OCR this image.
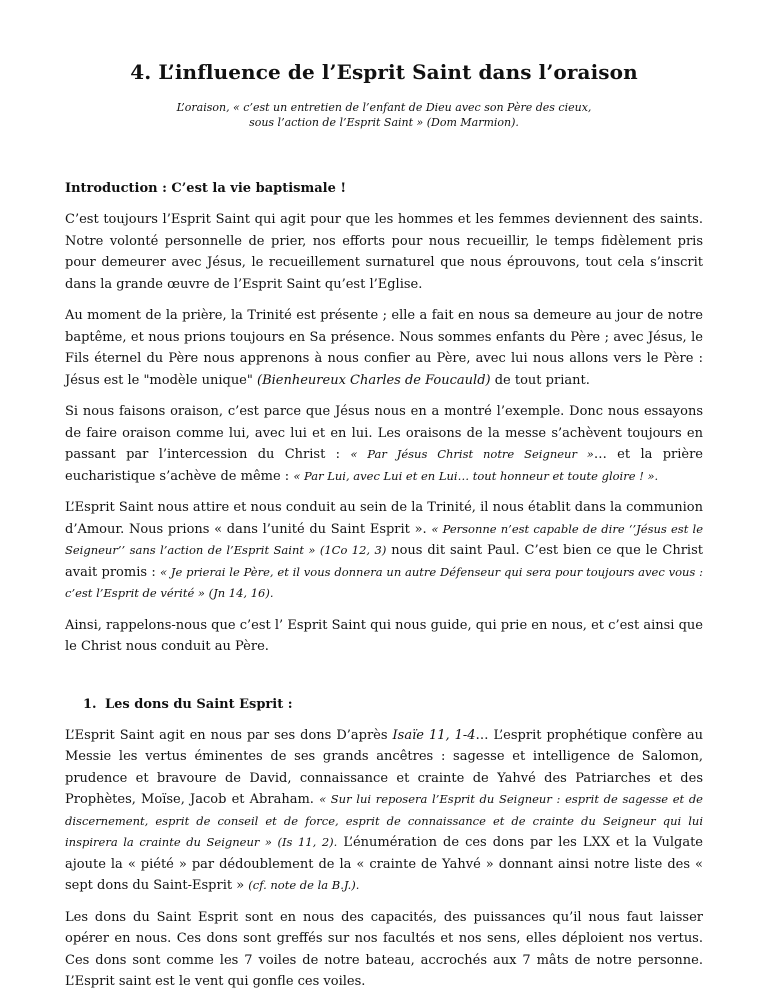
4. L’influence de l’Esprit Saint dans l’oraison
L’oraison, « c’est un entretien de l’enfant de Dieu avec son Père des cieux,
sous l’action de l’Esprit Saint » (Dom Marmion).
Introduction : C’est la vie baptismale !

C’est toujours l’Esprit Saint qui agit pour que les hommes et les femmes deviennent des saints. Notre volonté personnelle de prier, nos efforts pour nous recueillir, le temps fidèlement pris pour demeurer avec Jésus, le recueillement surnaturel que nous éprouvons, tout cela s’inscrit dans la grande œuvre de l’Esprit Saint qu’est l’Eglise.

Au moment de la prière, la Trinité est présente ; elle a fait en nous sa demeure au jour de notre baptême, et nous prions toujours en Sa présence. Nous sommes enfants du Père ; avec Jésus, le Fils éternel du Père nous apprenons à nous confier au Père, avec lui nous allons vers le Père : Jésus est le "modèle unique" (Bienheureux Charles de Foucauld) de tout priant.

Si nous faisons oraison, c’est parce que Jésus nous en a montré l’exemple. Donc nous essayons de faire oraison comme lui, avec lui et en lui. Les oraisons de la messe s’achèvent toujours en passant par l’intercession du Christ : « Par Jésus Christ notre Seigneur »… et la prière eucharistique s’achève de même : « Par Lui, avec Lui et en Lui… tout honneur et toute gloire ! ».

L’Esprit Saint nous attire et nous conduit au sein de la Trinité, il nous établit dans la communion d’Amour. Nous prions « dans l’unité du Saint Esprit ». « Personne n’est capable de dire ‘’Jésus est le Seigneur’’ sans l’action de l’Esprit Saint » (1Co 12, 3) nous dit saint Paul. C’est bien ce que le Christ avait promis : « Je prierai le Père, et il vous donnera un autre Défenseur qui sera pour toujours avec vous : c’est l’Esprit de vérité » (Jn 14, 16).

Ainsi, rappelons-nous que c’est l’ Esprit Saint qui nous guide, qui prie en nous, et c’est ainsi que le Christ nous conduit au Père.

1. Les dons du Saint Esprit :

L’Esprit Saint agit en nous par ses dons D’après Isaïe 11, 1-4… L’esprit prophétique confère au Messie les vertus éminentes de ses grands ancêtres : sagesse et intelligence de Salomon, prudence et bravoure de David, connaissance et crainte de Yahvé des Patriarches et des Prophètes, Moïse, Jacob et Abraham. « Sur lui reposera l’Esprit du Seigneur : esprit de sagesse et de discernement, esprit de conseil et de force, esprit de connaissance et de crainte du Seigneur qui lui inspirera la crainte du Seigneur » (Is 11, 2). L’énumération de ces dons par les LXX et la Vulgate ajoute la « piété » par dédoublement de la « crainte de Yahvé » donnant ainsi notre liste des « sept dons du Saint-Esprit » (cf. note de la B.J.).

Les dons du Saint Esprit sont en nous des capacités, des puissances qu’il nous faut laisser opérer en nous. Ces dons sont greffés sur nos facultés et nos sens, elles déploient nos vertus. Ces dons sont comme les 7 voiles de notre bateau, accrochés aux 7 mâts de notre personne. L’Esprit saint est le vent qui gonfle ces voiles.
